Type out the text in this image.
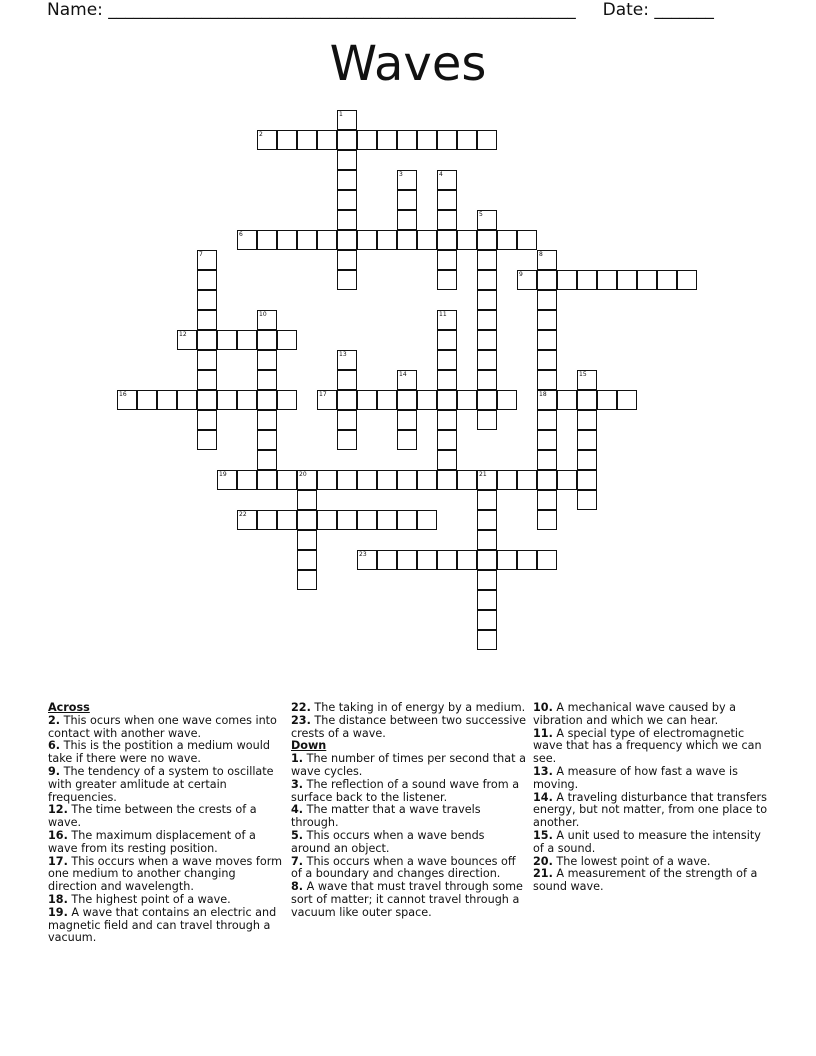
Name: _______________________________________________________ Date: _______
Waves
1
2
3	4
5
6
7	8
9
10	11
12
13
14	15
16	17	18
19	20	21
22
23

Across

2. This ocurs when one wave comes into contact with another wave.

6. This is the postition a medium would take if there were no wave.

9. The tendency of a system to oscillate with greater amlitude at certain frequencies.

12. The time between the crests of a wave.

16. The maximum displacement of a wave from its resting position.

17. This occurs when a wave moves form one medium to another changing direction and wavelength.

18. The highest point of a wave.

19. A wave that contains an electric and magnetic field and can travel through a vacuum.

22. The taking in of energy by a medium.

23. The distance between two successive crests of a wave.

Down

1. The number of times per second that a wave cycles.

3. The reflection of a sound wave from a surface back to the listener.

4. The matter that a wave travels through.

5. This occurs when a wave bends around an object.

7. This occurs when a wave bounces off of a boundary and changes direction.

8. A wave that must travel through some sort of matter; it cannot travel through a vacuum like outer space.

10. A mechanical wave caused by a vibration and which we can hear.

11. A special type of electromagnetic wave that has a frequency which we can see.

13. A measure of how fast a wave is moving.

14. A traveling disturbance that transfers energy, but not matter, from one place to another.

15. A unit used to measure the intensity of a sound.

20. The lowest point of a wave.

21. A measurement of the strength of a sound wave.
